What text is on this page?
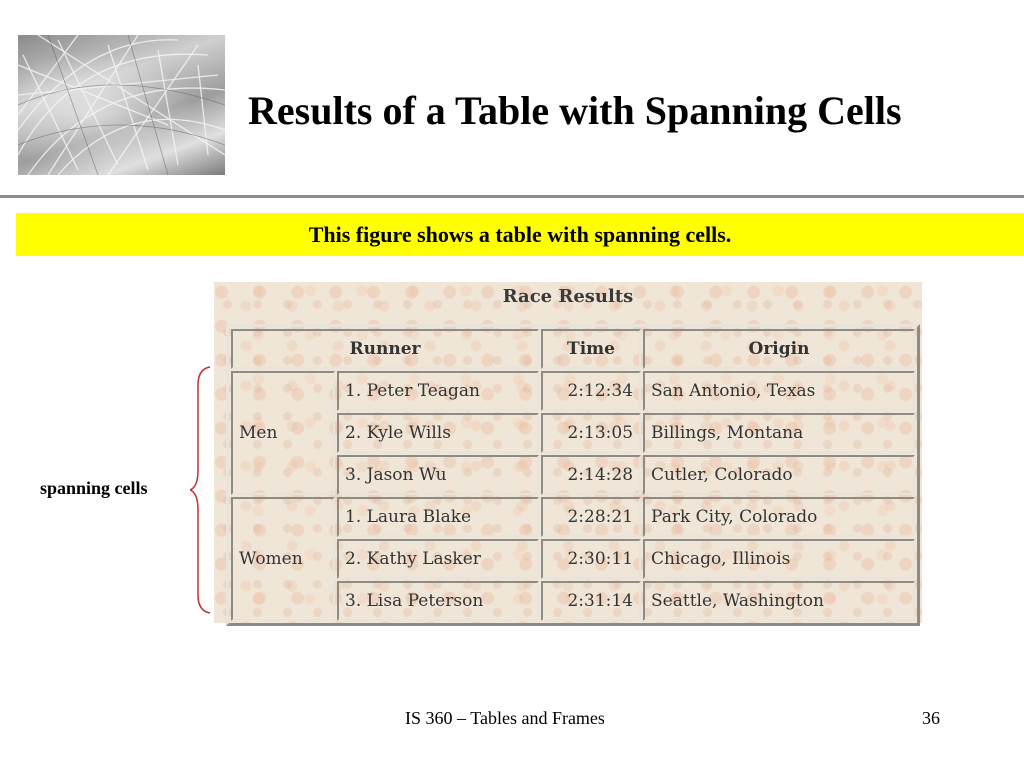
Results of a Table with Spanning Cells
This figure shows a table with spanning cells.
Race Results
Runner		Time	Origin
Men	1. Peter Teagan	2:12:34	San Antonio, Texas
	2. Kyle Wills	2:13:05	Billings, Montana
	3. Jason Wu	2:14:28	Cutler, Colorado
Women	1. Laura Blake	2:28:21	Park City, Colorado
	2. Kathy Lasker	2:30:11	Chicago, Illinois
	3. Lisa Peterson	2:31:14	Seattle, Washington
spanning cells
IS 360 – Tables and Frames	36
